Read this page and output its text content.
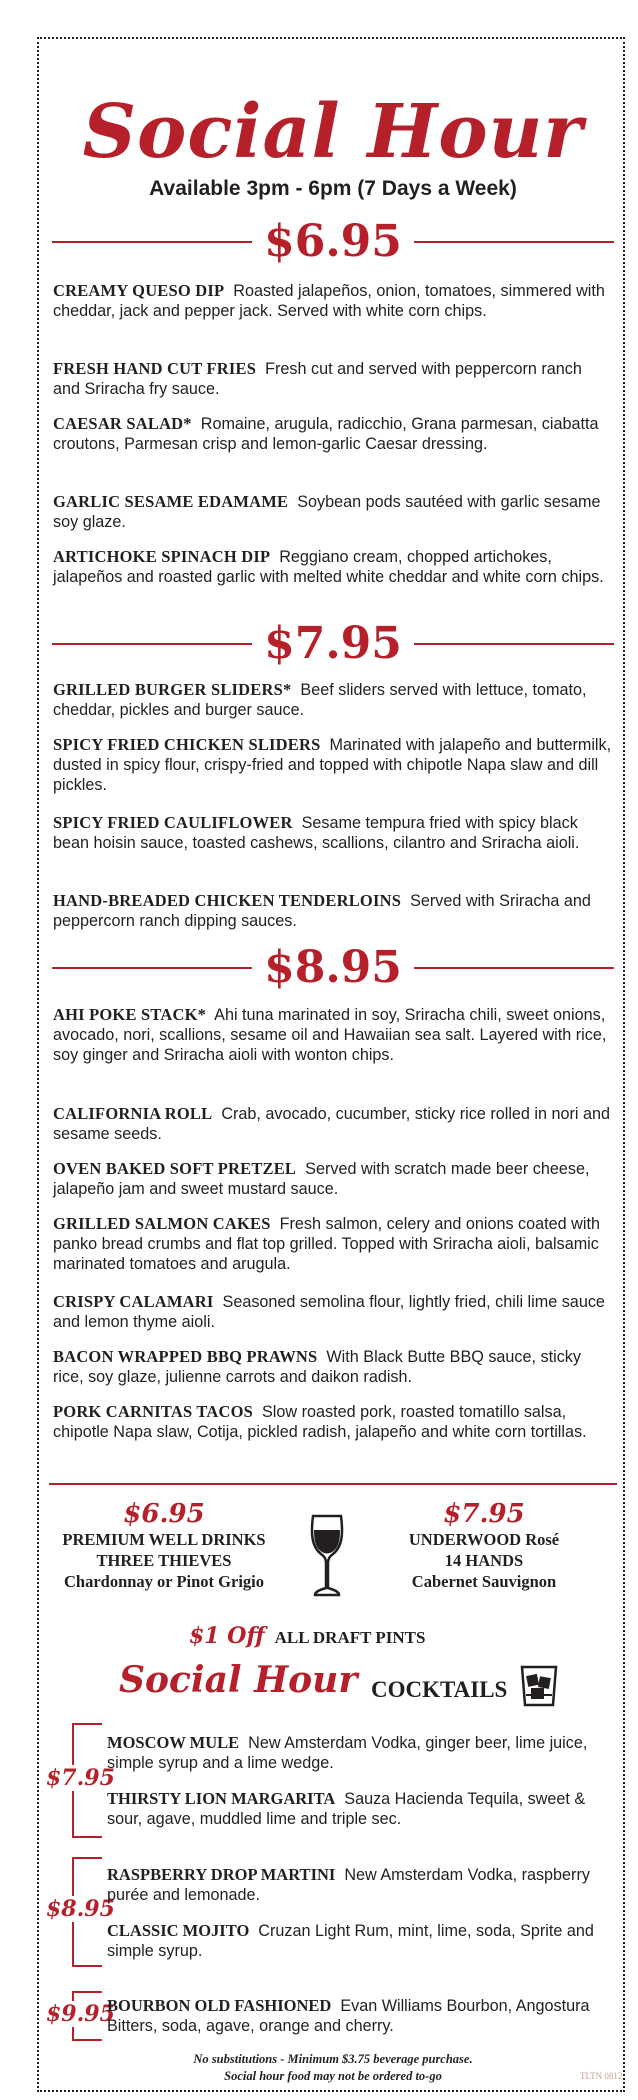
Social Hour
Available 3pm - 6pm (7 Days a Week)
$6.95
CREAMY QUESO DIP Roasted jalapeños, onion, tomatoes, simmered with cheddar, jack and pepper jack. Served with white corn chips.
FRESH HAND CUT FRIES Fresh cut and served with peppercorn ranch and Sriracha fry sauce.
CAESAR SALAD* Romaine, arugula, radicchio, Grana parmesan, ciabatta croutons, Parmesan crisp and lemon-garlic Caesar dressing.
GARLIC SESAME EDAMAME Soybean pods sautéed with garlic sesame soy glaze.
ARTICHOKE SPINACH DIP Reggiano cream, chopped artichokes, jalapeños and roasted garlic with melted white cheddar and white corn chips.
$7.95
GRILLED BURGER SLIDERS* Beef sliders served with lettuce, tomato, cheddar, pickles and burger sauce.
SPICY FRIED CHICKEN SLIDERS Marinated with jalapeño and buttermilk, dusted in spicy flour, crispy-fried and topped with chipotle Napa slaw and dill pickles.
SPICY FRIED CAULIFLOWER Sesame tempura fried with spicy black bean hoisin sauce, toasted cashews, scallions, cilantro and Sriracha aioli.
HAND-BREADED CHICKEN TENDERLOINS Served with Sriracha and peppercorn ranch dipping sauces.
$8.95
AHI POKE STACK* Ahi tuna marinated in soy, Sriracha chili, sweet onions, avocado, nori, scallions, sesame oil and Hawaiian sea salt. Layered with rice, soy ginger and Sriracha aioli with wonton chips.
CALIFORNIA ROLL Crab, avocado, cucumber, sticky rice rolled in nori and sesame seeds.
OVEN BAKED SOFT PRETZEL Served with scratch made beer cheese, jalapeño jam and sweet mustard sauce.
GRILLED SALMON CAKES Fresh salmon, celery and onions coated with panko bread crumbs and flat top grilled. Topped with Sriracha aioli, balsamic marinated tomatoes and arugula.
CRISPY CALAMARI Seasoned semolina flour, lightly fried, chili lime sauce and lemon thyme aioli.
BACON WRAPPED BBQ PRAWNS With Black Butte BBQ sauce, sticky rice, soy glaze, julienne carrots and daikon radish.
PORK CARNITAS TACOS Slow roasted pork, roasted tomatillo salsa, chipotle Napa slaw, Cotija, pickled radish, jalapeño and white corn tortillas.
$6.95
PREMIUM WELL DRINKS
THREE THIEVES
Chardonnay or Pinot Grigio
$7.95
UNDERWOOD Rosé
14 HANDS
Cabernet Sauvignon
$1 Off ALL DRAFT PINTS
Social Hour COCKTAILS
$7.95
MOSCOW MULE New Amsterdam Vodka, ginger beer, lime juice, simple syrup and a lime wedge.
THIRSTY LION MARGARITA Sauza Hacienda Tequila, sweet & sour, agave, muddled lime and triple sec.
$8.95
RASPBERRY DROP MARTINI New Amsterdam Vodka, raspberry purée and lemonade.
CLASSIC MOJITO Cruzan Light Rum, mint, lime, soda, Sprite and simple syrup.
$9.95
BOURBON OLD FASHIONED Evan Williams Bourbon, Angostura Bitters, soda, agave, orange and cherry.
No substitutions - Minimum $3.75 beverage purchase.
Social hour food may not be ordered to-go	TLTN 0812
